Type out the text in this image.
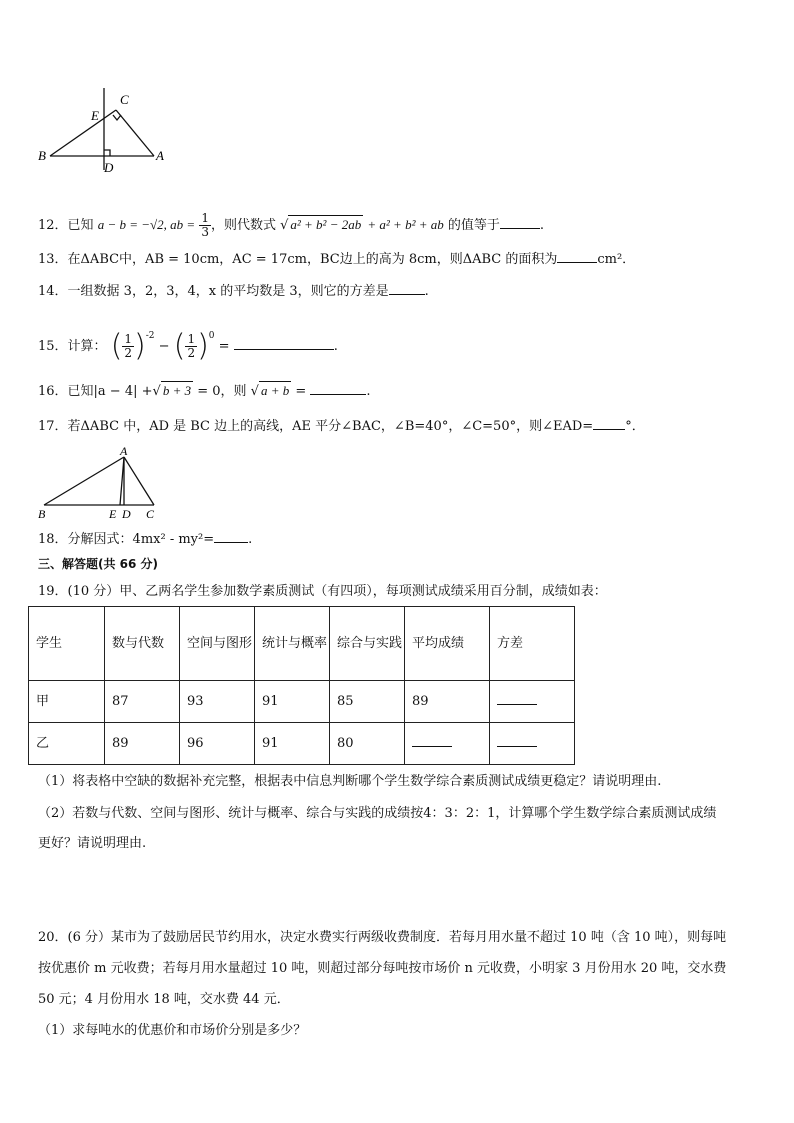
B
C
E
D
A
12．已知 a − b = −√2, ab = $\frac{1}{3}$ ，则代数式 √ a² + b² − 2ab + a² + b² + ab 的值等于	.
13．在ΔABC中，AB = 10cm，AC = 17cm，BC边上的高为 8cm，则ΔABC 的面积为	cm²．
14．一组数据 3，2，3，4，x 的平均数是 3，则它的方差是	.
15．计算： ( $\frac{1}{2} )^{-2}$ − ( $\frac{1}{2} )^0$ =	.
16．已知|a − 4| +√ b + 3 = 0，则 √ a + b =	.
17．若ΔABC 中，AD 是 BC 边上的高线，AE 平分∠BAC，∠B=40°，∠C=50°，则∠EAD= °．
A
B	E D C
18．分解因式：4mx² - my²=	.
三、解答题(共 66 分)
19．(10 分）甲、乙两名学生参加数学素质测试（有四项），每项测试成绩采用百分制，成绩如表：
学生	数与代数	空间与图形	统计与概率	综合与实践	平均成绩	方差
甲	87	93	91	85	89	
乙	89	96	91	80		
（1）将表格中空缺的数据补充完整，根据表中信息判断哪个学生数学综合素质测试成绩更稳定？请说明理由.
（2）若数与代数、空间与图形、统计与概率、综合与实践的成绩按4：3：2：1，计算哪个学生数学综合素质测试成绩
更好？请说明理由.
20．(6 分）某市为了鼓励居民节约用水，决定水费实行两级收费制度．若每月用水量不超过 10 吨（含 10 吨），则每吨
按优惠价 m 元收费；若每月用水量超过 10 吨，则超过部分每吨按市场价 n 元收费，小明家 3 月份用水 20 吨，交水费
50 元；4 月份用水 18 吨，交水费 44 元．
（1）求每吨水的优惠价和市场价分别是多少？
